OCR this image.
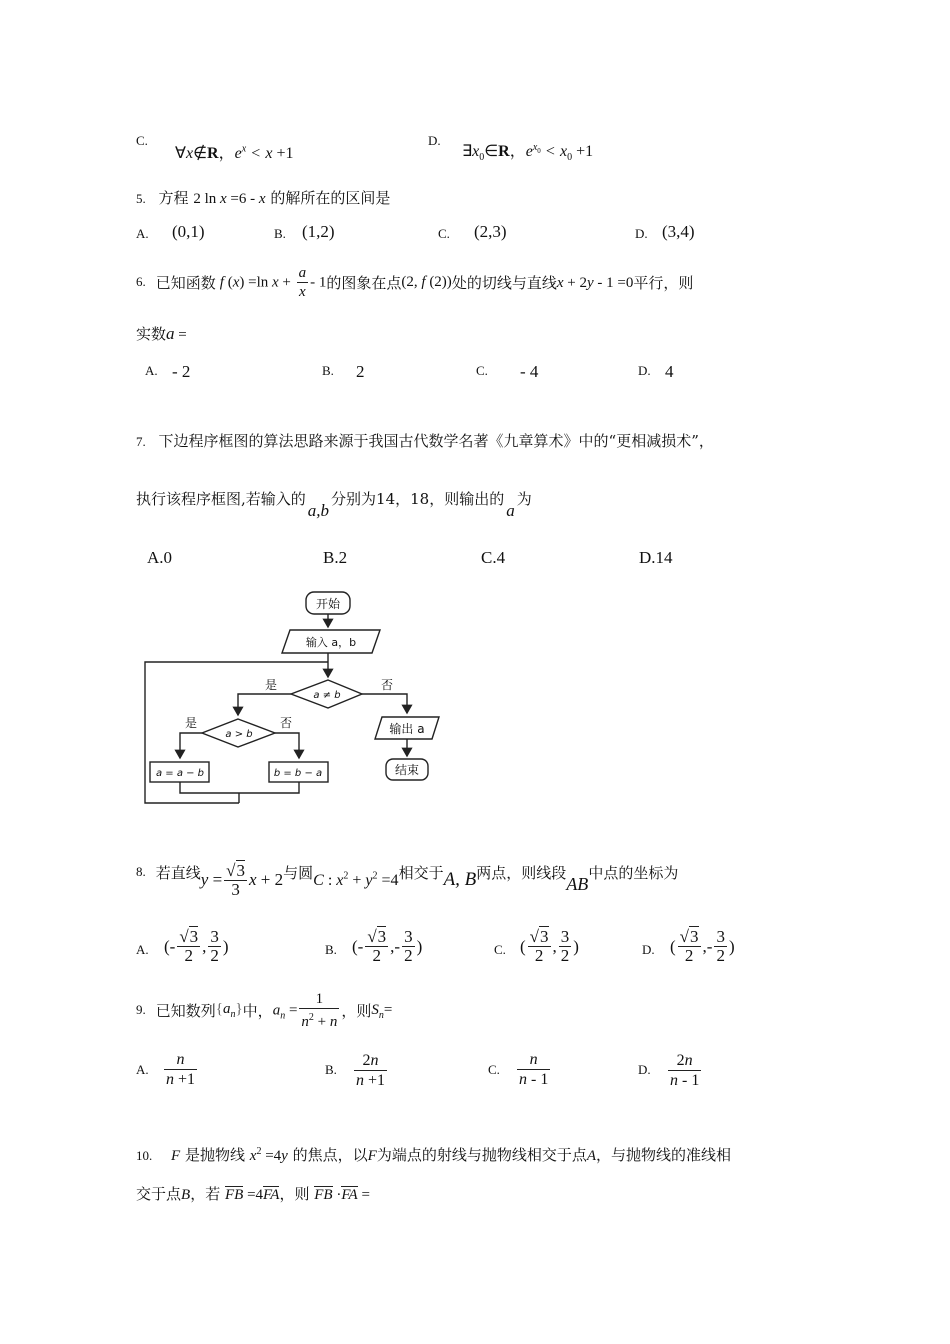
C.
∀x∉R，$e^x < x +1$
D.
$\exists x_0\in R$，$e^{x_0} < x_0 +1$
5. 方程 2 ln x =6 - x 的解所在的区间是
A. (0,1)	B. (1,2)	C. (2,3)	D. (3,4)
6. 已知函数 f (x) =ln $x + \frac{a}{x} - 1$ 的图象在点 (2, f (2)) 处的切线与直线 x + 2y - 1 =0 平行，则
实数a =
A. - 2	B. 2	C. - 4	D. 4
7. 下边程序框图的算法思路来源于我国古代数学名著《九章算术》中的“更相减损术”，
执行该程序框图,若输入的a,b分别为14，18，则输出的a为
A.0	B.2	C.4	D.14
开始
输入 a，b
a ≠ b
是	否
a > b
是	否
a = a − b	b = b − a
输出 a
结束
8. 若直线 $y = \frac{√3}{3}$ x + 2 与圆 C : $x^2 + y^2 =4$ 相交于 A, B 两点，则线段
AB
中点的坐标为
A. (- $\frac{√3}{2}$ , $\frac{3}{2}$ )	B. (- $\frac{√3}{2}$ ,- $\frac{3}{2}$ )	C. ( $\frac{√3}{2}$ , $\frac{3}{2}$ )	D. ( $\frac{√3}{2}$ ,- $\frac{3}{2}$ )
9. 已知数列 $\{a_n\}$ 中， $a_n = \frac{1}{n^2 + n}$ ，则 $S_n=$
A. $\frac{n}{n +1}$	B. $\frac{2n}{n +1}$	C. $\frac{n}{n - 1}$	D. $\frac{2n}{n - 1}$
10. F 是抛物线 $x^2 =4y$ 的焦点，以F为端点的射线与抛物线相交于点A，与抛物线的准线相
交于点B，若 FB =4FA，则 FB ·FA =
